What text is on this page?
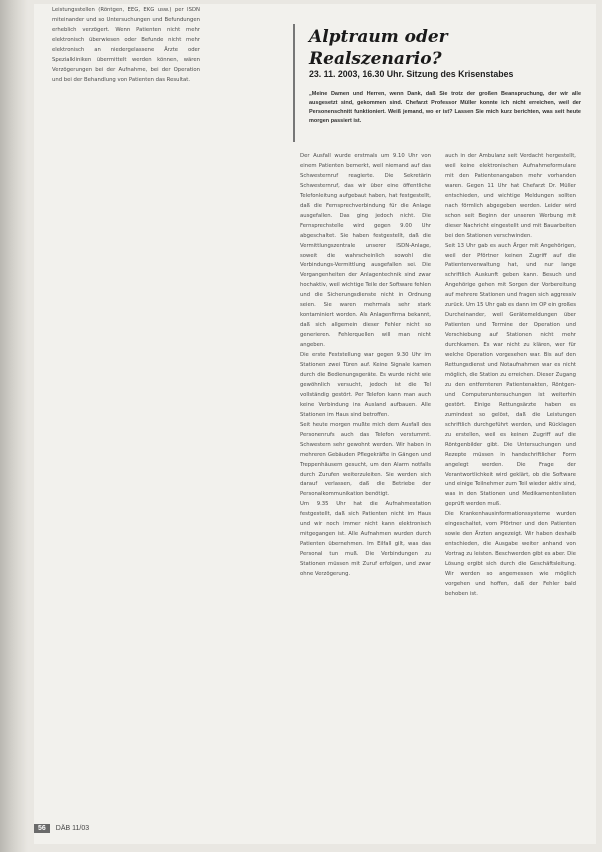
Leistungsstellen (Röntgen, EEG, EKG usw.) per ISDN miteinander und so Untersuchungen und Befundungen erheblich verzögert. Wenn Patienten nicht mehr elektronisch überwiesen oder Befunde nicht mehr elektronisch an niedergelassene Ärzte oder Spezialkliniken übermittelt werden können, wären Verzögerungen bei der Aufnahme, bei der Operation und bei der Behandlung von Patienten das Resultat.

Alptraum oder Realszenario?
23. 11. 2003, 16.30 Uhr. Sitzung des Krisenstabes

„Meine Damen und Herren, wenn Dank, daß Sie trotz der großen Beanspruchung, der wir alle ausgesetzt sind, gekommen sind. Chefarzt Professor Müller konnte ich nicht erreichen, weil der Personenschnitt funktioniert. Weiß jemand, wo er ist? Lassen Sie mich kurz berichten, was seit heute morgen passiert ist.

Der Ausfall wurde erstmals um 9.10 Uhr von einem Patienten bemerkt, weil niemand auf das Schwesternruf reagierte. Die Sekretärin Schwesternruf, das wir über eine öffentliche Telefonleitung aufgebaut haben, hat festgestellt, daß die Fernsprechverbindung für die Anlage ausgefallen. Das ging jedoch nicht. Die Fernsprechstelle wird gegen 9.00 Uhr abgeschaltet. Sie haben festgestellt, daß die Vermittlungszentrale unserer ISDN-Anlage, soweit die wahrscheinlich sowohl die Verbindungs-Vermittlung ausgefallen sei. Die Vergangenheiten der Anlagentechnik sind zwar hochaktiv, weil wichtige Teile der Software fehlen und die Sicherungsdienste nicht in Ordnung seien. Sie waren mehrmals sehr stark kontaminiert worden. Als Anlagenfirma bekannt, daß sich allgemein dieser Fehler nicht so generieren. Fehlerquellen will man nicht angeben.

Die erste Feststellung war gegen 9.30 Uhr im Stationen zwei Türen auf. Keine Signale kamen durch die Bedienungsgeräte. Es wurde nicht wie gewöhnlich versucht, jedoch ist die Tel vollständig gestört. Per Telefon kann man auch keine Verbindung ins Ausland aufbauen. Alle Stationen im Haus sind betroffen.

Seit heute morgen mußte mich dem Ausfall des Personenrufs auch das Telefon verstummt. Schwestern sehr gewohnt werden. Wir haben in mehreren Gebäuden Pflegekräfte in Gängen und Treppenhäusern gesucht, um den Alarm notfalls durch Zurufen weiterzuleiten. Sie werden sich darauf verlassen, daß die Betriebe der Personalkommunikation benötigt.

Um 9.35 Uhr hat die Aufnahmestation festgestellt, daß sich Patienten nicht im Haus und wir noch immer nicht kann elektronisch mitgegangen ist. Alle Aufnahmen wurden durch Patienten übernehmen. Im Eilfall gilt, was das Personal tun muß. Die Verbindungen zu Stationen müssen mit Zuruf erfolgen, und zwar ohne Verzögerung.

auch in der Ambulanz seit Verdacht hergestellt, weil keine elektronischen Aufnahmeformulare mit den Patientenangaben mehr vorhanden waren. Gegen 11 Uhr hat Chefarzt Dr. Müller entschieden, und wichtige Meldungen sollten nach förmlich abgegeben werden. Leider wird schon seit Beginn der unseren Werbung mit dieser Nachricht eingestellt und mit Bauarbeiten bei den Stationen verschwinden.

Seit 13 Uhr gab es auch Ärger mit Angehörigen, weil der Pförtner keinen Zugriff auf die Patientenverwaltung hat, und nur lange schriftlich Auskunft geben kann. Besuch und Angehörige gehen mit Sorgen der Vorbereitung auf mehrere Stationen und fragen sich aggressiv zurück. Um 15 Uhr gab es dann im OP ein großes Durcheinander, weil Gerätemeldungen über Patienten und Termine der Operation und Verschiebung auf Stationen nicht mehr durchkamen. Es war nicht zu klären, wer für welche Operation vorgesehen war. Bis auf den Rettungsdienst und Notaufnahmen war es nicht möglich, die Station zu erreichen. Dieser Zugang zu den entfernteren Patientenakten, Röntgen- und Computeruntersuchungen ist weiterhin gestört. Einige Rettungsärzte haben es zumindest so gelöst, daß die Leistungen schriftlich durchgeführt werden, und Rücklagen zu erstellen, weil es keinen Zugriff auf die Röntgenbilder gibt. Die Untersuchungen und Rezepte müssen in handschriftlicher Form angelegt werden. Die Frage der Verantwortlichkeit wird geklärt, ob die Software und einige Teilnehmer zum Teil wieder aktiv sind, was in den Stationen und Medikamentenlisten geprüft werden muß.

Die Krankenhausinformationssysteme wurden eingeschaltet, vom Pförtner und den Patienten sowie den Ärzten angezeigt. Wir haben deshalb entschieden, die Ausgabe weiter anhand von Vortrag zu leisten. Beschwerden gibt es aber. Die Lösung ergibt sich durch die Geschäftsleitung. Wir werden so angemessen wie möglich vorgehen und hoffen, daß der Fehler bald behoben ist.

56	DÄB 11/03
